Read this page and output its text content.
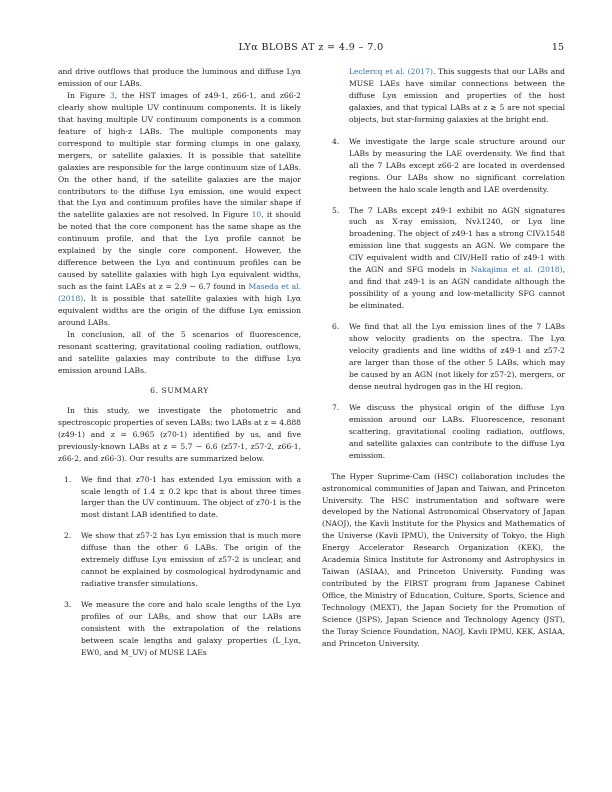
LYα BLOBS AT z = 4.9 – 7.0	15

and drive outflows that produce the luminous and diffuse Lyα emission of our LABs.

In Figure 3, the HST images of z49-1, z66-1, and z66-2 clearly show multiple UV continuum components. It is likely that having multiple UV continuum components is a common feature of high-z LABs. The multiple components may correspond to multiple star forming clumps in one galaxy, mergers, or satellite galaxies. It is possible that satellite galaxies are responsible for the large continuum size of LABs. On the other hand, if the satellite galaxies are the major contributors to the diffuse Lyα emission, one would expect that the Lyα and continuum profiles have the similar shape if the satellite galaxies are not resolved. In Figure 10, it should be noted that the core component has the same shape as the continuum profile, and that the Lyα profile cannot be explained by the single core component. However, the difference between the Lyα and continuum profiles can be caused by satellite galaxies with high Lyα equivalent widths, such as the faint LAEs at z = 2.9 − 6.7 found in Maseda et al. (2018). It is possible that satellite galaxies with high Lyα equivalent widths are the origin of the diffuse Lyα emission around LABs.

In conclusion, all of the 5 scenarios of fluorescence, resonant scattering, gravitational cooling radiation, outflows, and satellite galaxies may contribute to the diffuse Lyα emission around LABs.

6. SUMMARY

In this study, we investigate the photometric and spectroscopic properties of seven LABs; two LABs at z = 4.888 (z49-1) and z = 6.965 (z70-1) identified by us, and five previously-known LABs at z = 5.7 − 6.6 (z57-1, z57-2, z66-1, z66-2, and z66-3). Our results are summarized below.

1. We find that z70-1 has extended Lyα emission with a scale length of 1.4 ± 0.2 kpc that is about three times larger than the UV continuum. The object of z70-1 is the most distant LAB identified to date.

2. We show that z57-2 has Lyα emission that is much more diffuse than the other 6 LABs. The origin of the extremely diffuse Lyα emission of z57-2 is unclear, and cannot be explained by cosmological hydrodynamic and radiative transfer simulations.

3. We measure the core and halo scale lengths of the Lyα profiles of our LABs, and show that our LABs are consistent with the extrapolation of the relations between scale lengths and galaxy properties (L_Lyα, EW0, and M_UV) of MUSE LAEs

Leclercq et al. (2017). This suggests that our LABs and MUSE LAEs have similar connections between the diffuse Lyα emission and properties of the host galaxies, and that typical LABs at z ≳ 5 are not special objects, but star-forming galaxies at the bright end.

4. We investigate the large scale structure around our LABs by measuring the LAE overdensity. We find that all the 7 LABs except z66-2 are located in overdensed regions. Our LABs show no significant correlation between the halo scale length and LAE overdensity.

5. The 7 LABs except z49-1 exhibit no AGN signatures such as X-ray emission, Nvλ1240, or Lyα line broadening. The object of z49-1 has a strong CIVλ1548 emission line that suggests an AGN. We compare the CIV equivalent width and CIV/HeII ratio of z49-1 with the AGN and SFG models in Nakajima et al. (2018), and find that z49-1 is an AGN candidate although the possibility of a young and low-metallicity SFG cannot be eliminated.

6. We find that all the Lyα emission lines of the 7 LABs show velocity gradients on the spectra. The Lyα velocity gradients and line widths of z49-1 and z57-2 are larger than those of the other 5 LABs, which may be caused by an AGN (not likely for z57-2), mergers, or dense neutral hydrogen gas in the HI region.

7. We discuss the physical origin of the diffuse Lyα emission around our LABs. Fluorescence, resonant scattering, gravitational cooling radiation, outflows, and satellite galaxies can contribute to the diffuse Lyα emission.

The Hyper Suprime-Cam (HSC) collaboration includes the astronomical communities of Japan and Taiwan, and Princeton University. The HSC instrumentation and software were developed by the National Astronomical Observatory of Japan (NAOJ), the Kavli Institute for the Physics and Mathematics of the Universe (Kavli IPMU), the University of Tokyo, the High Energy Accelerator Research Organization (KEK), the Academia Sinica Institute for Astronomy and Astrophysics in Taiwan (ASIAA), and Princeton University. Funding was contributed by the FIRST program from Japanese Cabinet Office, the Ministry of Education, Culture, Sports, Science and Technology (MEXT), the Japan Society for the Promotion of Science (JSPS), Japan Science and Technology Agency (JST), the Toray Science Foundation, NAOJ, Kavli IPMU, KEK, ASIAA, and Princeton University.
